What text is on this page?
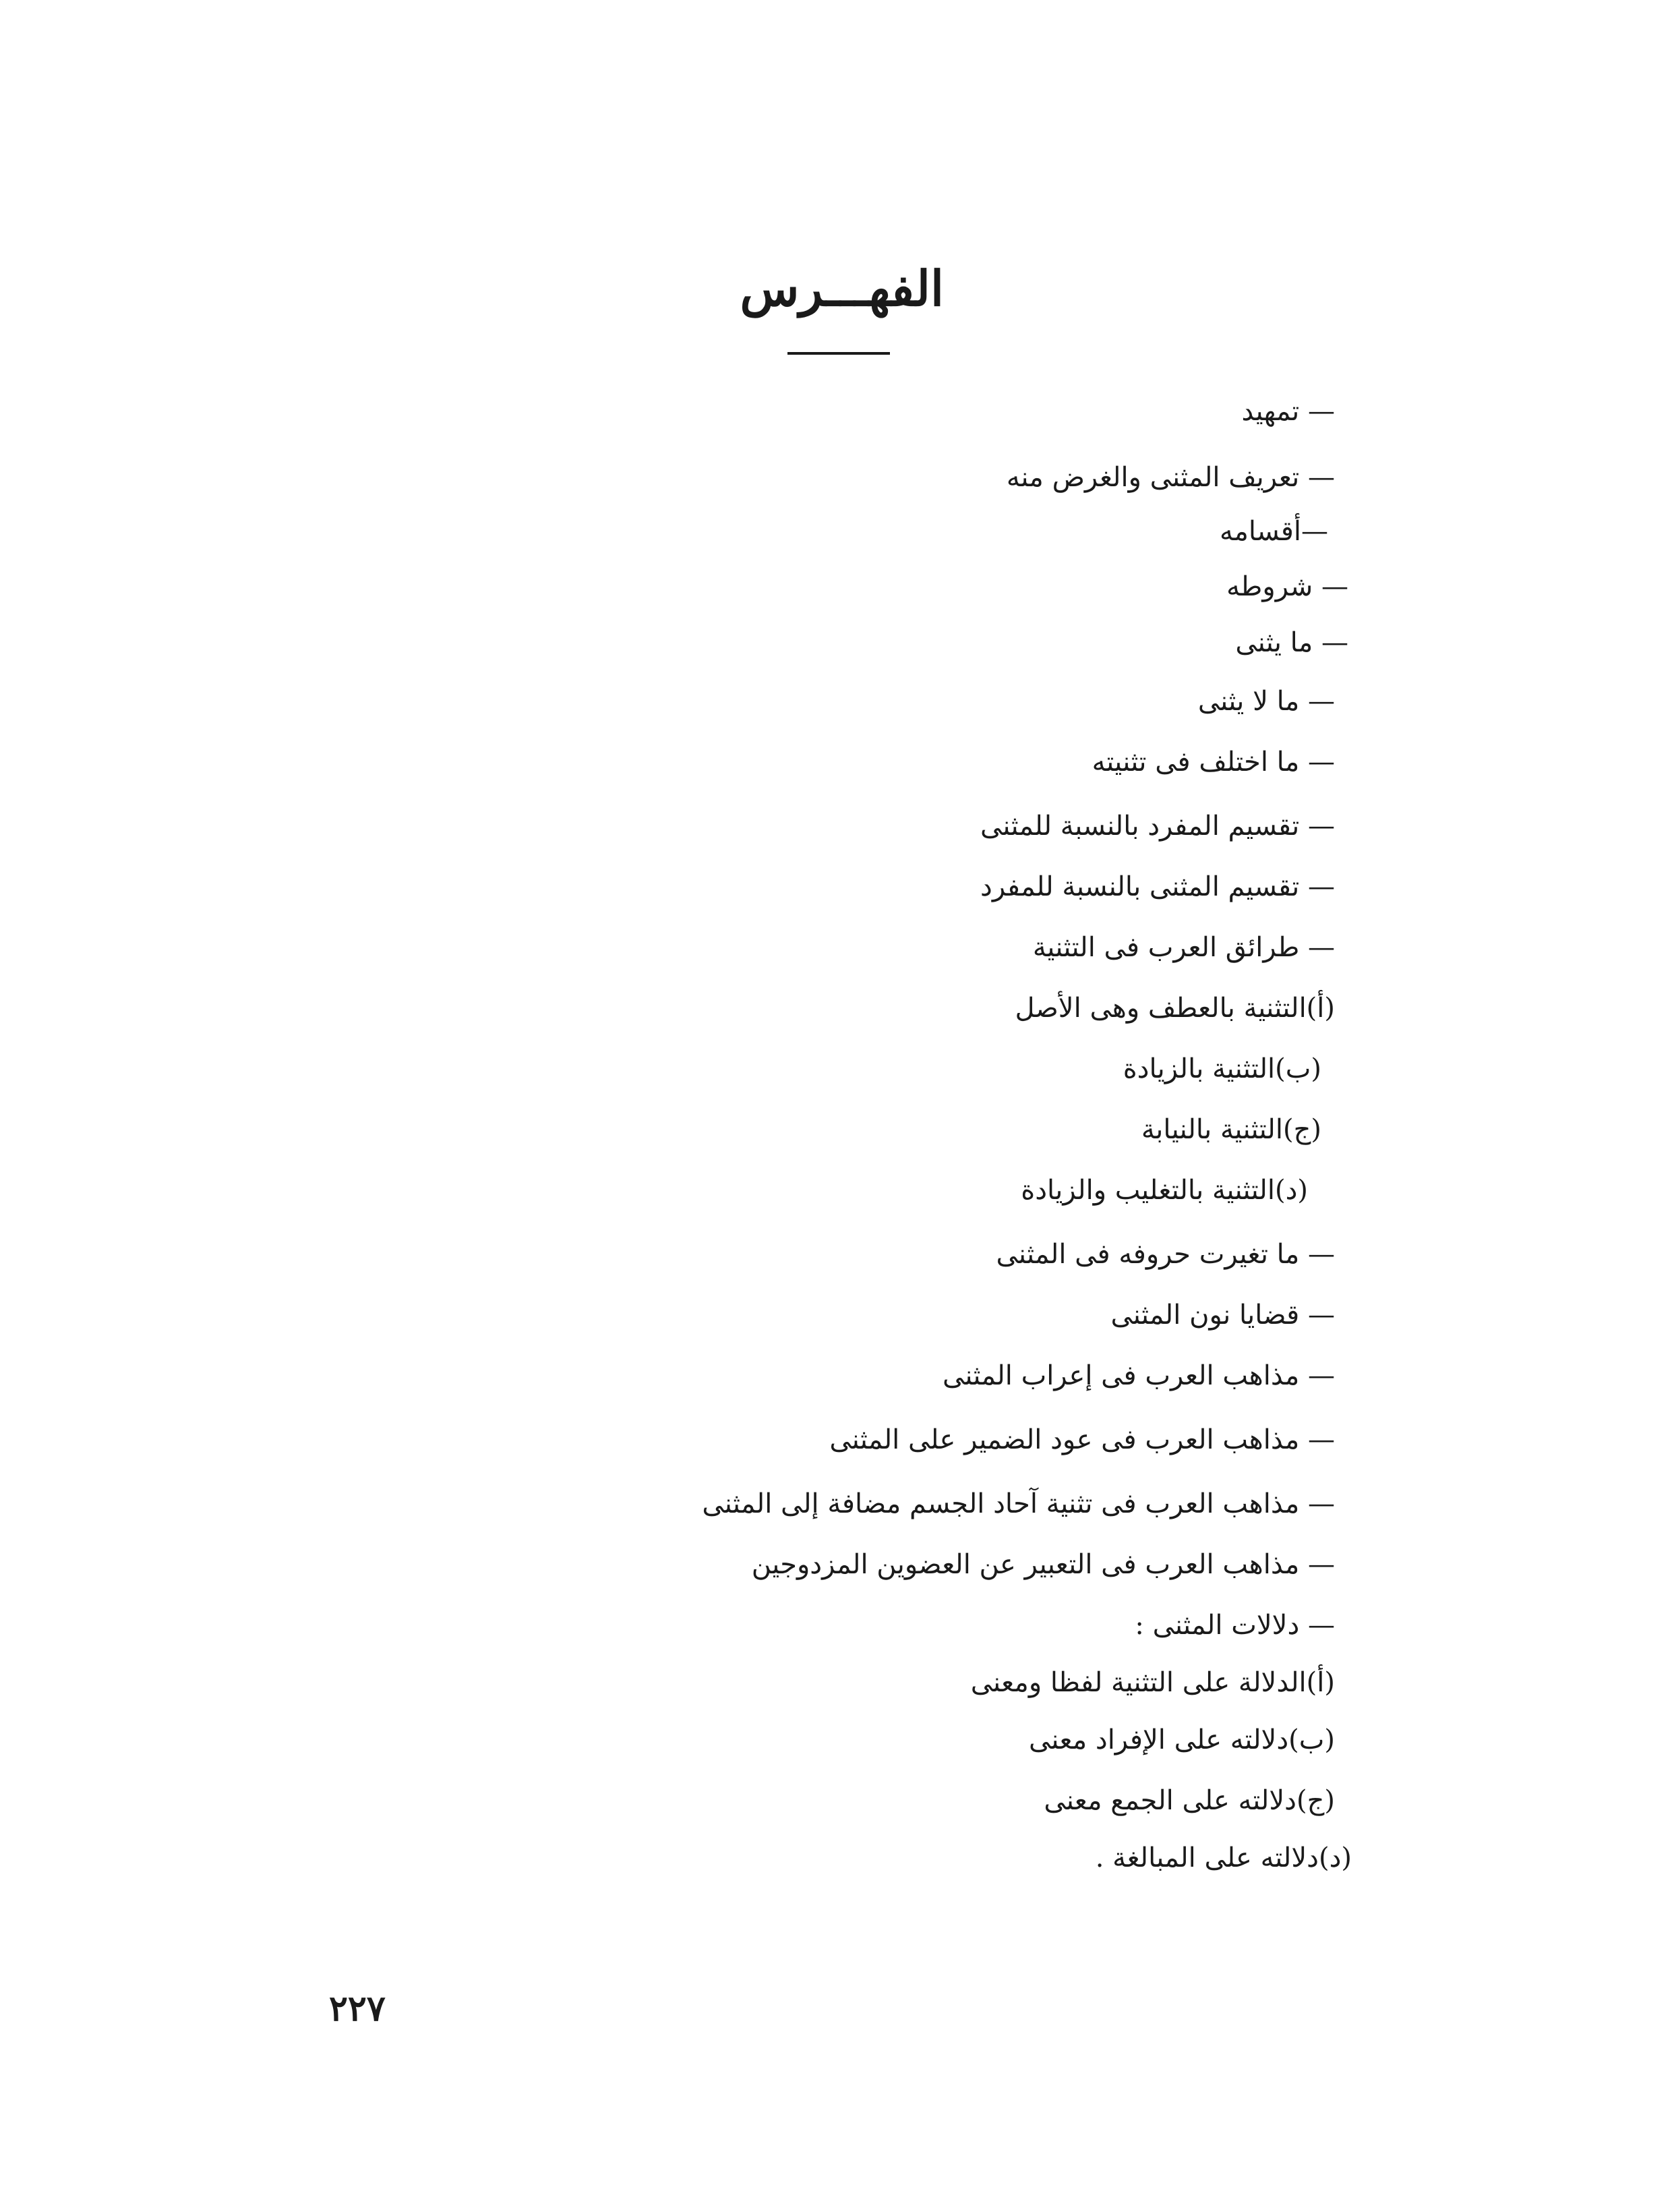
الفهـــرس
— تمهيد
— تعريف المثنى والغرض منه
—أقسامه
— شروطه
— ما يثنى
— ما لا يثنى
— ما اختلف فى تثنيته
— تقسيم المفرد بالنسبة للمثنى
— تقسيم المثنى بالنسبة للمفرد
— طرائق العرب فى التثنية
(أ)التثنية بالعطف وهى الأصل
(ب)التثنية بالزيادة
(ج)التثنية بالنيابة
(د)التثنية بالتغليب والزيادة
— ما تغيرت حروفه فى المثنى
— قضايا نون المثنى
— مذاهب العرب فى إعراب المثنى
— مذاهب العرب فى عود الضمير على المثنى
— مذاهب العرب فى تثنية آحاد الجسم مضافة إلى المثنى
— مذاهب العرب فى التعبير عن العضوين المزدوجين
— دلالات المثنى :
(أ)الدلالة على التثنية لفظا ومعنى
(ب)دلالته على الإفراد معنى
(ج)دلالته على الجمع معنى
(د)دلالته على المبالغة .
٢٢٧
